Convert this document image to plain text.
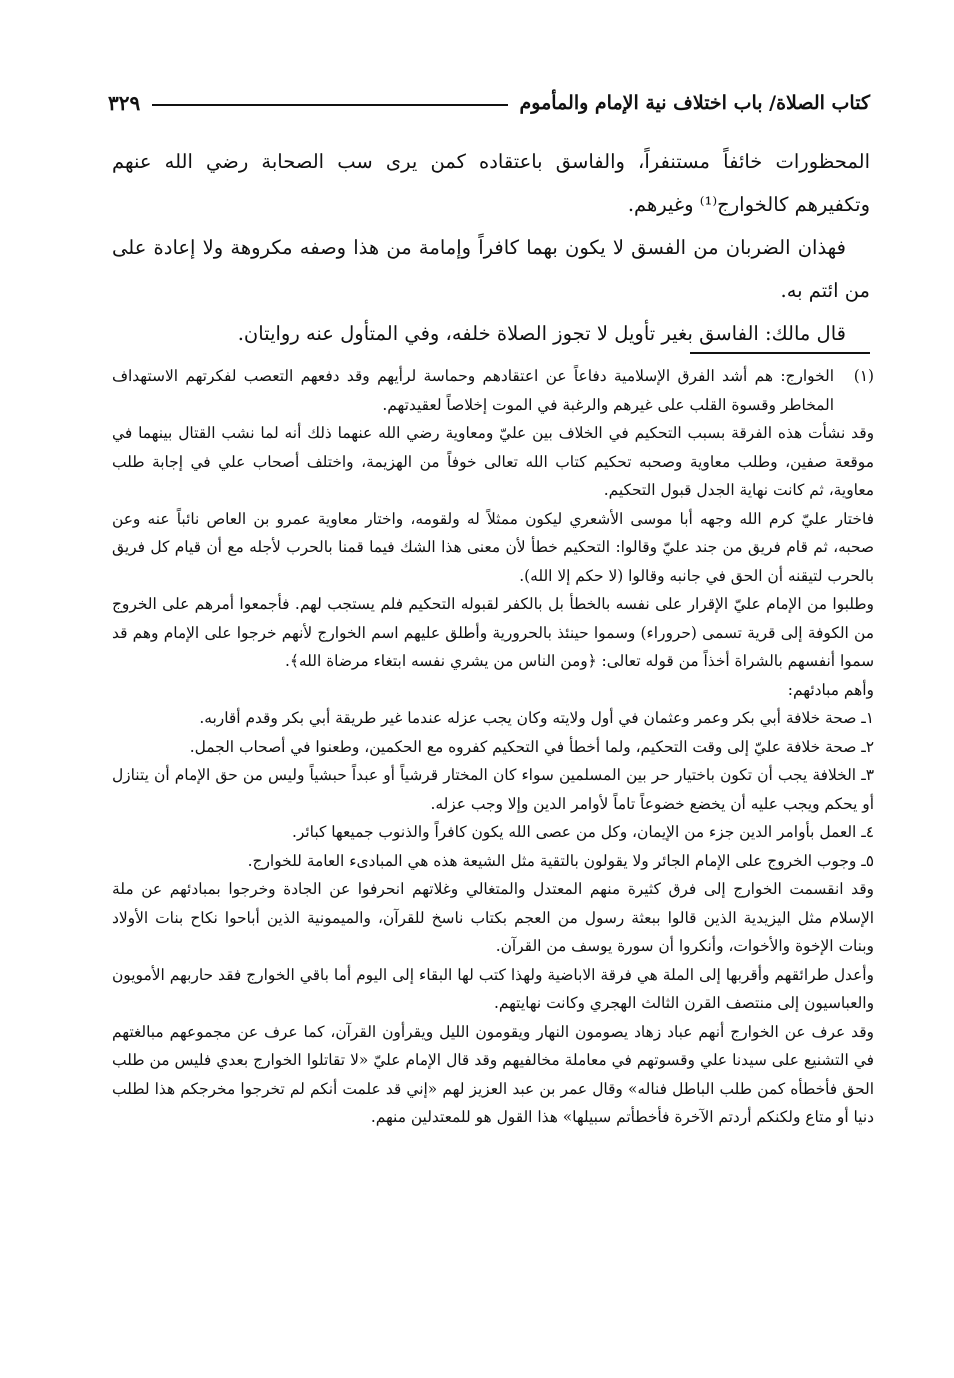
كتاب الصلاة/ باب اختلاف نية الإمام والمأموم
٣٢٩

المحظورات خائفاً مستنفراً، والفاسق باعتقاده كمن يرى سب الصحابة رضي الله عنهم وتكفيرهم كالخوارج⁽¹⁾ وغيرهم.

فهذان الضربان من الفسق لا يكون بهما كافراً وإمامة من هذا وصفه مكروهة ولا إعادة على من ائتم به.

قال مالك: الفاسق بغير تأويل لا تجوز الصلاة خلفه، وفي المتأول عنه روايتان.

(١)
الخوارج: هم أشد الفرق الإسلامية دفاعاً عن اعتقادهم وحماسة لرأيهم وقد دفعهم التعصب لفكرتهم الاستهداف المخاطر وقسوة القلب على غيرهم والرغبة في الموت إخلاصاً لعقيدتهم.

وقد نشأت هذه الفرقة بسبب التحكيم في الخلاف بين عليّ ومعاوية رضي الله عنهما ذلك أنه لما نشب القتال بينهما في موقعة صفين، وطلب معاوية وصحبه تحكيم كتاب الله تعالى خوفاً من الهزيمة، واختلف أصحاب علي في إجابة طلب معاوية، ثم كانت نهاية الجدل قبول التحكيم.

فاختار عليّ كرم الله وجهه أبا موسى الأشعري ليكون ممثلاً له ولقومه، واختار معاوية عمرو بن العاص نائباً عنه وعن صحبه، ثم قام فريق من جند عليّ وقالوا: التحكيم خطأ لأن معنى هذا الشك فيما قمنا بالحرب لأجله مع أن قيام كل فريق بالحرب لتيقنه أن الحق في جانبه وقالوا (لا حكم إلا الله).

وطلبوا من الإمام عليّ الإقرار على نفسه بالخطأ بل بالكفر لقبوله التحكيم فلم يستجب لهم. فأجمعوا أمرهم على الخروج من الكوفة إلى قرية تسمى (حروراء) وسموا حينئذ بالحرورية وأطلق عليهم اسم الخوارج لأنهم خرجوا على الإمام وهم قد سموا أنفسهم بالشراة أخذاً من قوله تعالى: ﴿ومن الناس من يشري نفسه ابتغاء مرضاة الله﴾.

وأهم مبادئهم:

١ـ صحة خلافة أبي بكر وعمر وعثمان في أول ولايته وكان يجب عزله عندما غير طريقة أبي بكر وقدم أقاربه.

٢ـ صحة خلافة عليّ إلى وقت التحكيم، ولما أخطأ في التحكيم كفروه مع الحكمين، وطعنوا في أصحاب الجمل.

٣ـ الخلافة يجب أن تكون باختيار حر بين المسلمين سواء كان المختار قرشياً أو عبداً حبشياً وليس من حق الإمام أن يتنازل أو يحكم ويجب عليه أن يخضع خضوعاً تاماً لأوامر الدين وإلا وجب عزله.

٤ـ العمل بأوامر الدين جزء من الإيمان، وكل من عصى الله يكون كافراً والذنوب جميعها كبائر.

٥ـ وجوب الخروج على الإمام الجائر ولا يقولون بالتقية مثل الشيعة هذه هي المبادىء العامة للخوارج.

وقد انقسمت الخوارج إلى فرق كثيرة منهم المعتدل والمتغالي وغلاتهم انحرفوا عن الجادة وخرجوا بمبادئهم عن ملة الإسلام مثل اليزيدية الذين قالوا ببعثة رسول من العجم بكتاب ناسخ للقرآن، والميمونية الذين أباحوا نكاح بنات الأولاد وبنات الإخوة والأخوات، وأنكروا أن سورة يوسف من القرآن.

وأعدل طرائقهم وأقربها إلى الملة هي فرقة الاباضية ولهذا كتب لها البقاء إلى اليوم أما باقي الخوارج فقد حاربهم الأمويون والعباسيون إلى منتصف القرن الثالث الهجري وكانت نهايتهم.

وقد عرف عن الخوارج أنهم عباد زهاد يصومون النهار ويقومون الليل ويقرأون القرآن، كما عرف عن مجموعهم مبالغتهم في التشنيع على سيدنا علي وقسوتهم في معاملة مخالفيهم وقد قال الإمام عليّ «لا تقاتلوا الخوارج بعدي فليس من طلب الحق فأخطأه كمن طلب الباطل فناله» وقال عمر بن عبد العزيز لهم «إني قد علمت أنكم لم تخرجوا مخرجكم هذا لطلب دنيا أو متاع ولكنكم أردتم الآخرة فأخطأتم سبيلها» هذا القول هو للمعتدلين منهم.
